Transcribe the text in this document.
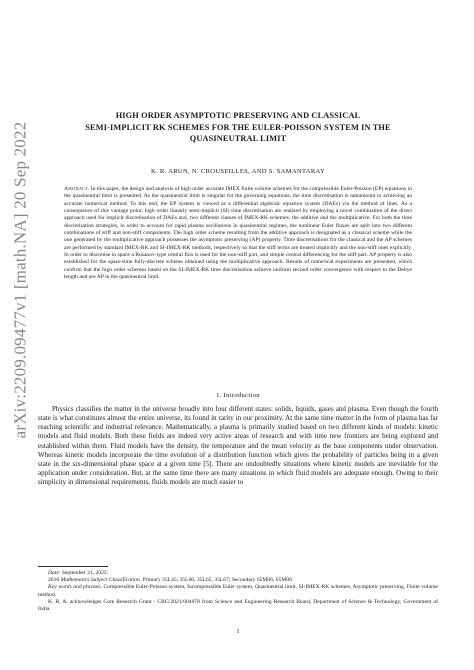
arXiv:2209.09477v1 [math.NA] 20 Sep 2022
HIGH ORDER ASYMPTOTIC PRESERVING AND CLASSICAL
SEMI-IMPLICIT RK SCHEMES FOR THE EULER-POISSON SYSTEM IN THE
QUASINEUTRAL LIMIT
K. R. ARUN, N. CROUSEILLES, AND S. SAMANTARAY
Abstract. In this paper, the design and analysis of high order accurate IMEX finite volume schemes for the compressible Euler-Poisson (EP) equations in the quasineutral limit is presented. As the quasineutral limit is singular for the governing equations, the time discretisation is tantamount to achieving an accurate numerical method. To this end, the EP system is viewed as a differential algebraic equation system (DAEs) via the method of lines. As a consequence of this vantage point, high order linearly semi-implicit (SI) time discretisation are realised by employing a novel combination of the direct approach used for implicit discretisation of DAEs and, two different classes of IMEX-RK schemes: the additive and the multiplicative. For both the time discretisation strategies, in order to account for rapid plasma oscillations in quasineutral regimes, the nonlinear Euler fluxes are split into two different combinations of stiff and non-stiff components. The high order scheme resulting from the additive approach is designated as a classical scheme while the one generated by the multiplicative approach possesses the asymptotic preserving (AP) property. Time discretisations for the classical and the AP schemes are performed by standard IMEX-RK and SI-IMEX-RK methods, respectively so that the stiff terms are treated implicitly and the non-stiff ones explicitly. In order to discretise in space a Rusanov-type central flux is used for the non-stiff part, and simple central differencing for the stiff part. AP property is also established for the space-time fully-discrete scheme obtained using the multiplicative approach. Results of numerical experiments are presented, which confirm that the high order schemes based on the SI-IMEX-RK time discretisation achieve uniform second order convergence with respect to the Debye length and are AP in the quasineutral limit.
1. Introduction

Physics classifies the matter in the universe broadly into four different states: solids, liquids, gases and plasma. Even though the fourth state is what constitutes almost the entire universe, its found in rarity in our proximity. At the same time matter in the form of plasma has far reaching scientific and industrial relevance. Mathematically, a plasma is primarily studied based on two different kinds of models: kinetic models and fluid models. Both these fields are indeed very active areas of research and with time new frontiers are being explored and established within them. Fluid models have the density, the temperature and the mean velocity as the base components under observation. Whereas kinetic models incorporate the time evolution of a distribution function which gives the probability of particles being in a given state in the six-dimensional phase space at a given time [5]. There are undoubtedly situations where kinetic models are inevitable for the application under consideration. But, at the same time there are many situations in which fluid models are adequate enough. Owing to their simplicity in dimensional requirements, fluids models are much easier to

Date: September 21, 2022.

2010 Mathematics Subject Classification. Primary 35L45, 35L60, 35L65, 35L67; Secondary 65M06, 65M08.

Key words and phrases. Compressible Euler-Poisson system, Incompressible Euler system, Quasineutral limit, SI-IMEX-RK schemes, Asymptotic preserving, Finite volume method.

K. R. A. acknowledges Core Research Grant - CRG/2021/004078 from Science and Engineering Research Board, Department of Science & Technology, Government of India.

1
